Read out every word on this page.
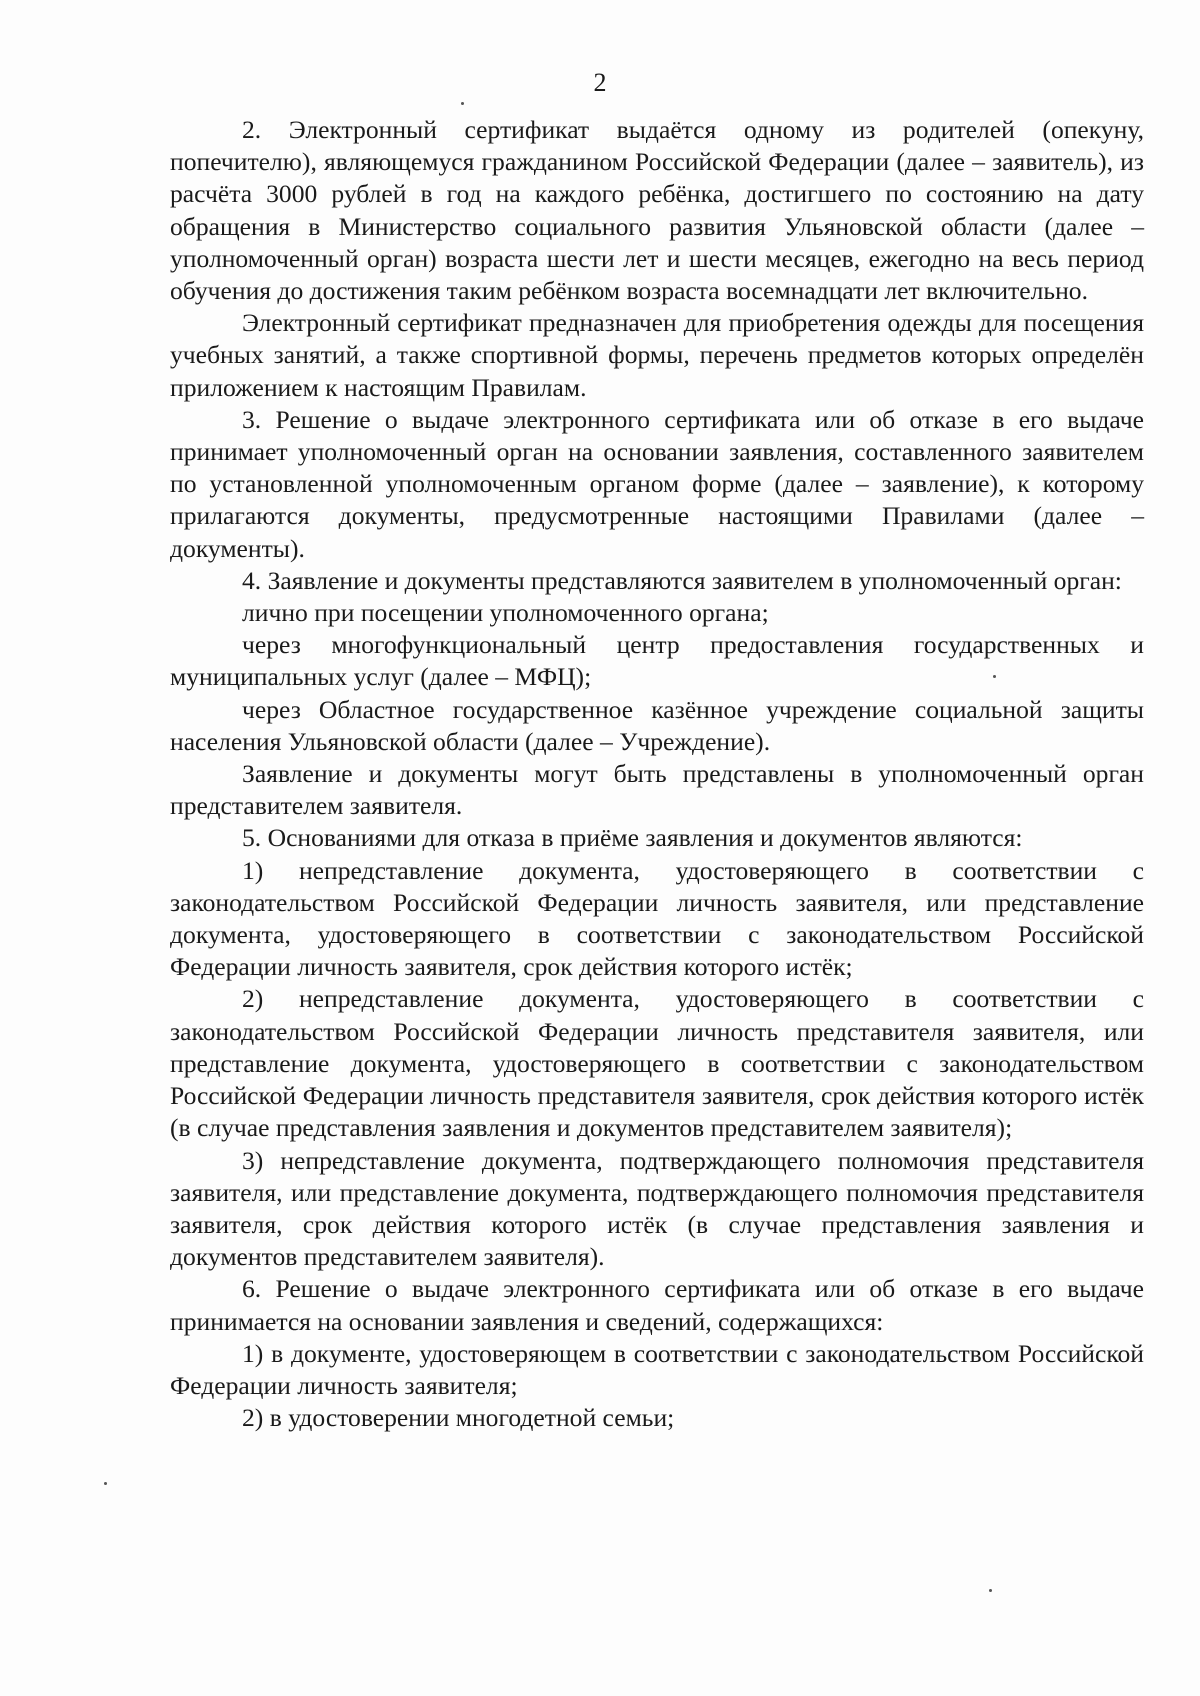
2

2. Электронный сертификат выдаётся одному из родителей (опекуну, попечителю), являющемуся гражданином Российской Федерации (далее – заявитель), из расчёта 3000 рублей в год на каждого ребёнка, достигшего по состоянию на дату обращения в Министерство социального развития Ульяновской области (далее – уполномоченный орган) возраста шести лет и шести месяцев, ежегодно на весь период обучения до достижения таким ребёнком возраста восемнадцати лет включительно.

Электронный сертификат предназначен для приобретения одежды для посещения учебных занятий, а также спортивной формы, перечень предметов которых определён приложением к настоящим Правилам.

3. Решение о выдаче электронного сертификата или об отказе в его выдаче принимает уполномоченный орган на основании заявления, составленного заявителем по установленной уполномоченным органом форме (далее – заявление), к которому прилагаются документы, предусмотренные настоящими Правилами (далее – документы).

4. Заявление и документы представляются заявителем в уполномоченный орган:

лично при посещении уполномоченного органа;

через многофункциональный центр предоставления государственных и муниципальных услуг (далее – МФЦ);

через Областное государственное казённое учреждение социальной защиты населения Ульяновской области (далее – Учреждение).

Заявление и документы могут быть представлены в уполномоченный орган представителем заявителя.

5. Основаниями для отказа в приёме заявления и документов являются:

1) непредставление документа, удостоверяющего в соответствии с законодательством Российской Федерации личность заявителя, или представление документа, удостоверяющего в соответствии с законодательством Российской Федерации личность заявителя, срок действия которого истёк;

2) непредставление документа, удостоверяющего в соответствии с законодательством Российской Федерации личность представителя заявителя, или представление документа, удостоверяющего в соответствии с законодательством Российской Федерации личность представителя заявителя, срок действия которого истёк (в случае представления заявления и документов представителем заявителя);

3) непредставление документа, подтверждающего полномочия представителя заявителя, или представление документа, подтверждающего полномочия представителя заявителя, срок действия которого истёк (в случае представления заявления и документов представителем заявителя).

6. Решение о выдаче электронного сертификата или об отказе в его выдаче принимается на основании заявления и сведений, содержащихся:

1) в документе, удостоверяющем в соответствии с законодательством Российской Федерации личность заявителя;

2) в удостоверении многодетной семьи;
